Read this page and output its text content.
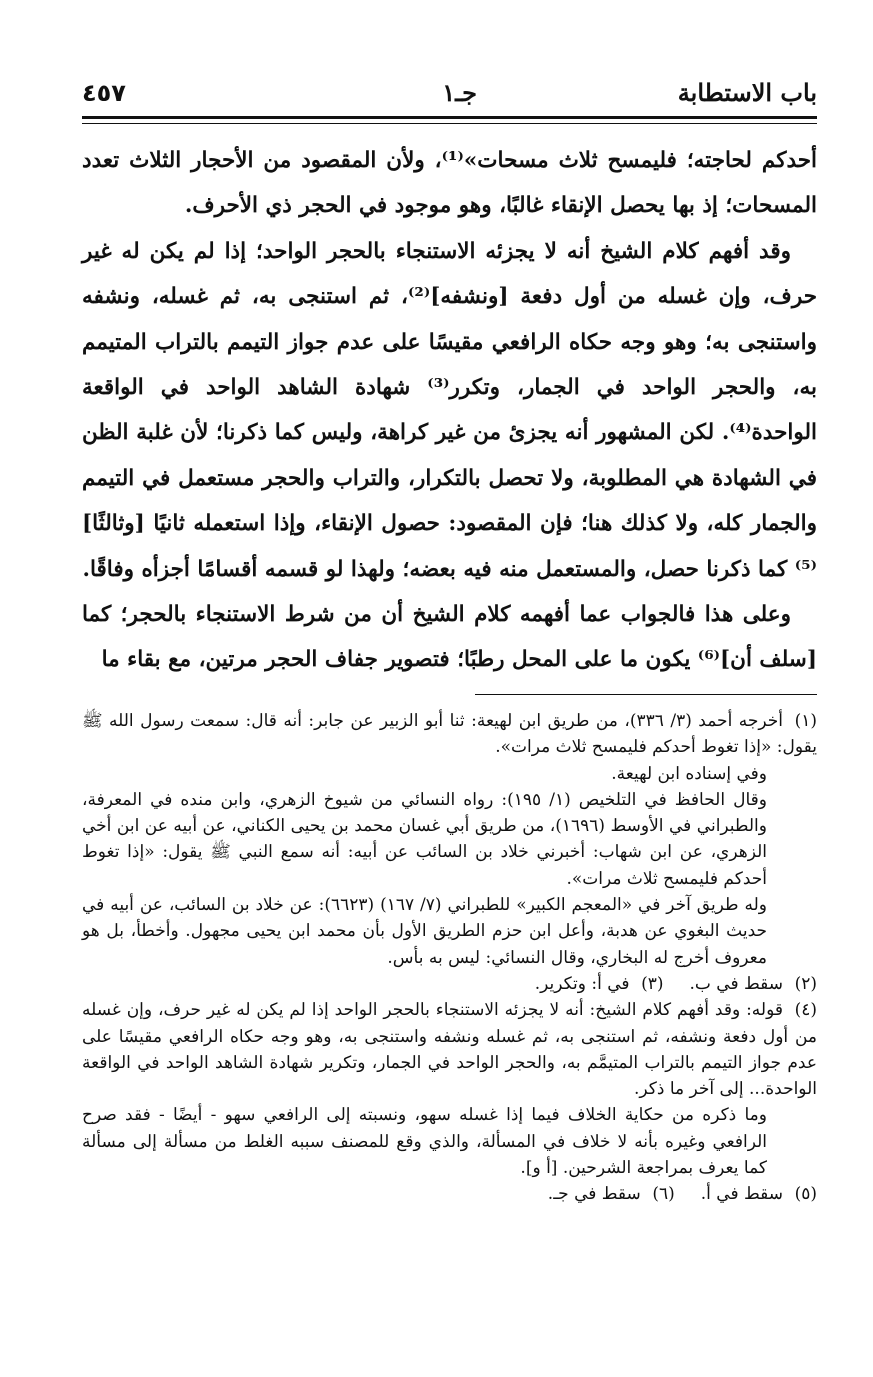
باب الاستطابة
جـ١
٤٥٧

أحدكم لحاجته؛ فليمسح ثلاث مسحات»⁽¹⁾، ولأن المقصود من الأحجار الثلاث تعدد المسحات؛ إذ بها يحصل الإنقاء غالبًا، وهو موجود في الحجر ذي الأحرف.

وقد أفهم كلام الشيخ أنه لا يجزئه الاستنجاء بالحجر الواحد؛ إذا لم يكن له غير حرف، وإن غسله من أول دفعة [ونشفه]⁽²⁾، ثم استنجى به، ثم غسله، ونشفه واستنجى به؛ وهو وجه حكاه الرافعي مقيسًا على عدم جواز التيمم بالتراب المتيمم به، والحجر الواحد في الجمار، وتكرر⁽³⁾ شهادة الشاهد الواحد في الواقعة الواحدة⁽⁴⁾. لكن المشهور أنه يجزئ من غير كراهة، وليس كما ذكرنا؛ لأن غلبة الظن في الشهادة هي المطلوبة، ولا تحصل بالتكرار، والتراب والحجر مستعمل في التيمم والجمار كله، ولا كذلك هنا؛ فإن المقصود: حصول الإنقاء، وإذا استعمله ثانيًا [وثالثًا]⁽⁵⁾ كما ذكرنا حصل، والمستعمل منه فيه بعضه؛ ولهذا لو قسمه أقسامًا أجزأه وفاقًا.

وعلى هذا فالجواب عما أفهمه كلام الشيخ أن من شرط الاستنجاء بالحجر؛ كما [سلف أن]⁽⁶⁾ يكون ما على المحل رطبًا؛ فتصوير جفاف الحجر مرتين، مع بقاء ما

(١)أخرجه أحمد (٣/ ٣٣٦)، من طريق ابن لهيعة: ثنا أبو الزبير عن جابر: أنه قال: سمعت رسول الله ﷺ يقول: «إذا تغوط أحدكم فليمسح ثلاث مرات».

وفي إسناده ابن لهيعة.

وقال الحافظ في التلخيص (١/ ١٩٥): رواه النسائي من شيوخ الزهري، وابن منده في المعرفة، والطبراني في الأوسط (١٦٩٦)، من طريق أبي غسان محمد بن يحيى الكناني، عن أبيه عن ابن أخي الزهري، عن ابن شهاب: أخبرني خلاد بن السائب عن أبيه: أنه سمع النبي ﷺ يقول: «إذا تغوط أحدكم فليمسح ثلاث مرات».

وله طريق آخر في «المعجم الكبير» للطبراني (٧/ ١٦٧) (٦٦٢٣): عن خلاد بن السائب، عن أبيه في حديث البغوي عن هدبة، وأعل ابن حزم الطريق الأول بأن محمد ابن يحيى مجهول. وأخطأ، بل هو معروف أخرج له البخاري، وقال النسائي: ليس به بأس.

(٢)سقط في ب.
(٣)في أ: وتكرير.

(٤)قوله: وقد أفهم كلام الشيخ: أنه لا يجزئه الاستنجاء بالحجر الواحد إذا لم يكن له غير حرف، وإن غسله من أول دفعة ونشفه، ثم استنجى به، ثم غسله ونشفه واستنجى به، وهو وجه حكاه الرافعي مقيسًا على عدم جواز التيمم بالتراب المتيمَّم به، والحجر الواحد في الجمار، وتكرير شهادة الشاهد الواحد في الواقعة الواحدة... إلى آخر ما ذكر.

وما ذكره من حكاية الخلاف فيما إذا غسله سهو، ونسبته إلى الرافعي سهو - أيضًا - فقد صرح الرافعي وغيره بأنه لا خلاف في المسألة، والذي وقع للمصنف سببه الغلط من مسألة إلى مسألة كما يعرف بمراجعة الشرحين. [أ و].

(٥)سقط في أ.
(٦)سقط في جـ.
